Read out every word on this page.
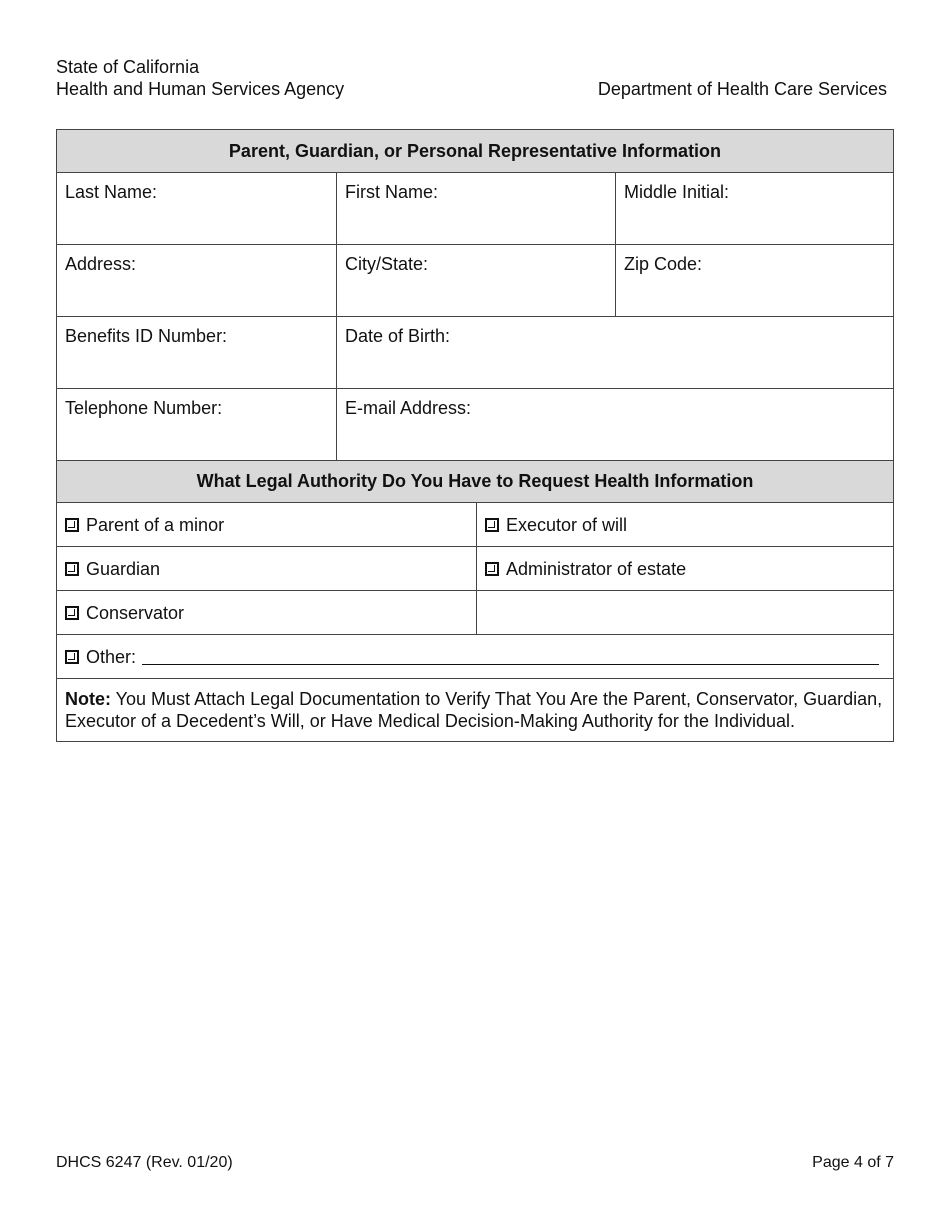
State of California
Health and Human Services Agency	Department of Health Care Services
Parent, Guardian, or Personal Representative Information
Last Name:	First Name:	Middle Initial:
Address:	City/State:	Zip Code:
Benefits ID Number:	Date of Birth:
Telephone Number:	E-mail Address:
What Legal Authority Do You Have to Request Health Information
Parent of a minor	Executor of will
Guardian	Administrator of estate
Conservator
Other:
Note: You Must Attach Legal Documentation to Verify That You Are the Parent, Conservator, Guardian, Executor of a Decedent’s Will, or Have Medical Decision-Making Authority for the Individual.
DHCS 6247 (Rev. 01/20)	Page 4 of 7
